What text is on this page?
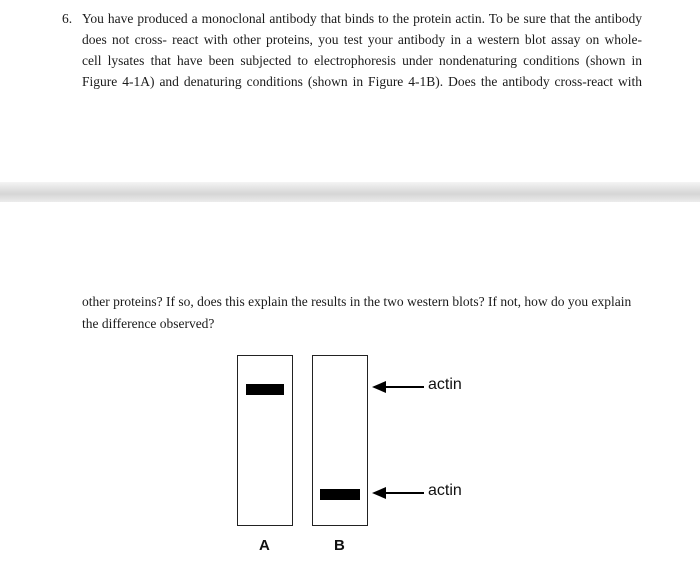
6. You have produced a monoclonal antibody that binds to the protein actin. To be sure that the antibody
does not cross- react with other proteins, you test your antibody in a western blot assay on whole-
cell lysates that have been subjected to electrophoresis under nondenaturing conditions (shown in
Figure 4-1A) and denaturing conditions (shown in Figure 4-1B). Does the antibody cross-react with
other proteins? If so, does this explain the results in the two western blots? If not, how do you explain
the difference observed?
actin
actin
A	B
